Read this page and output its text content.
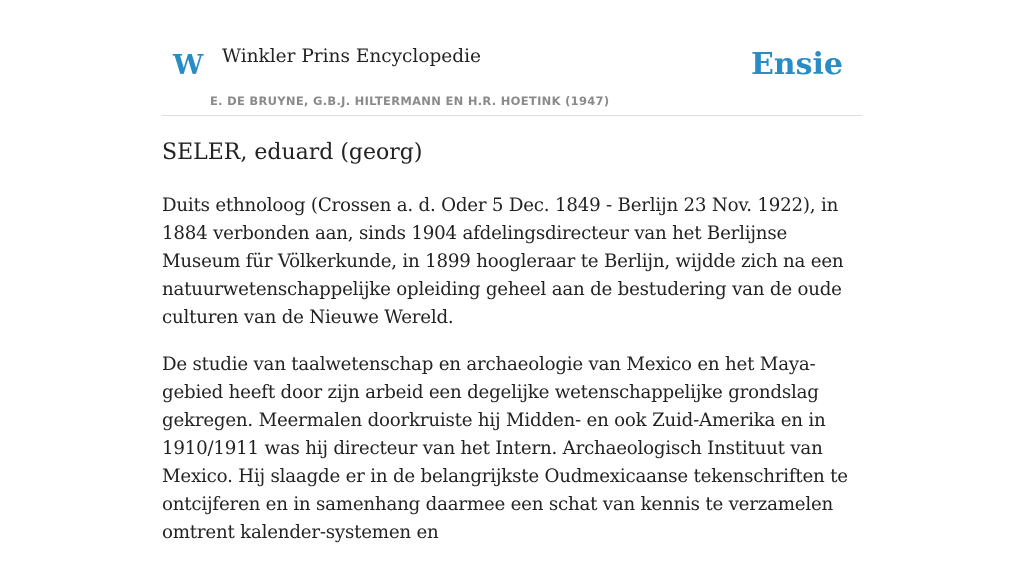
W Winkler Prins Encyclopedie
E. DE BRUYNE, G.B.J. HILTERMANN EN H.R. HOETINK (1947)
Ensie
SELER, eduard (georg)

Duits ethnoloog (Crossen a. d. Oder 5 Dec. 1849 - Berlijn 23 Nov. 1922), in 1884 verbonden aan, sinds 1904 afdelingsdirecteur van het Berlijnse Museum für Völkerkunde, in 1899 hoogleraar te Berlijn, wijdde zich na een natuurwetenschappelijke opleiding geheel aan de bestudering van de oude culturen van de Nieuwe Wereld.

De studie van taalwetenschap en archaeologie van Mexico en het Maya-gebied heeft door zijn arbeid een degelijke wetenschappelijke grondslag gekregen. Meermalen doorkruiste hij Midden- en ook Zuid-Amerika en in 1910/1911 was hij directeur van het Intern. Archaeologisch Instituut van Mexico. Hij slaagde er in de belangrijkste Oudmexicaanse tekenschriften te ontcijferen en in samenhang daarmee een schat van kennis te verzamelen omtrent kalender-systemen en
